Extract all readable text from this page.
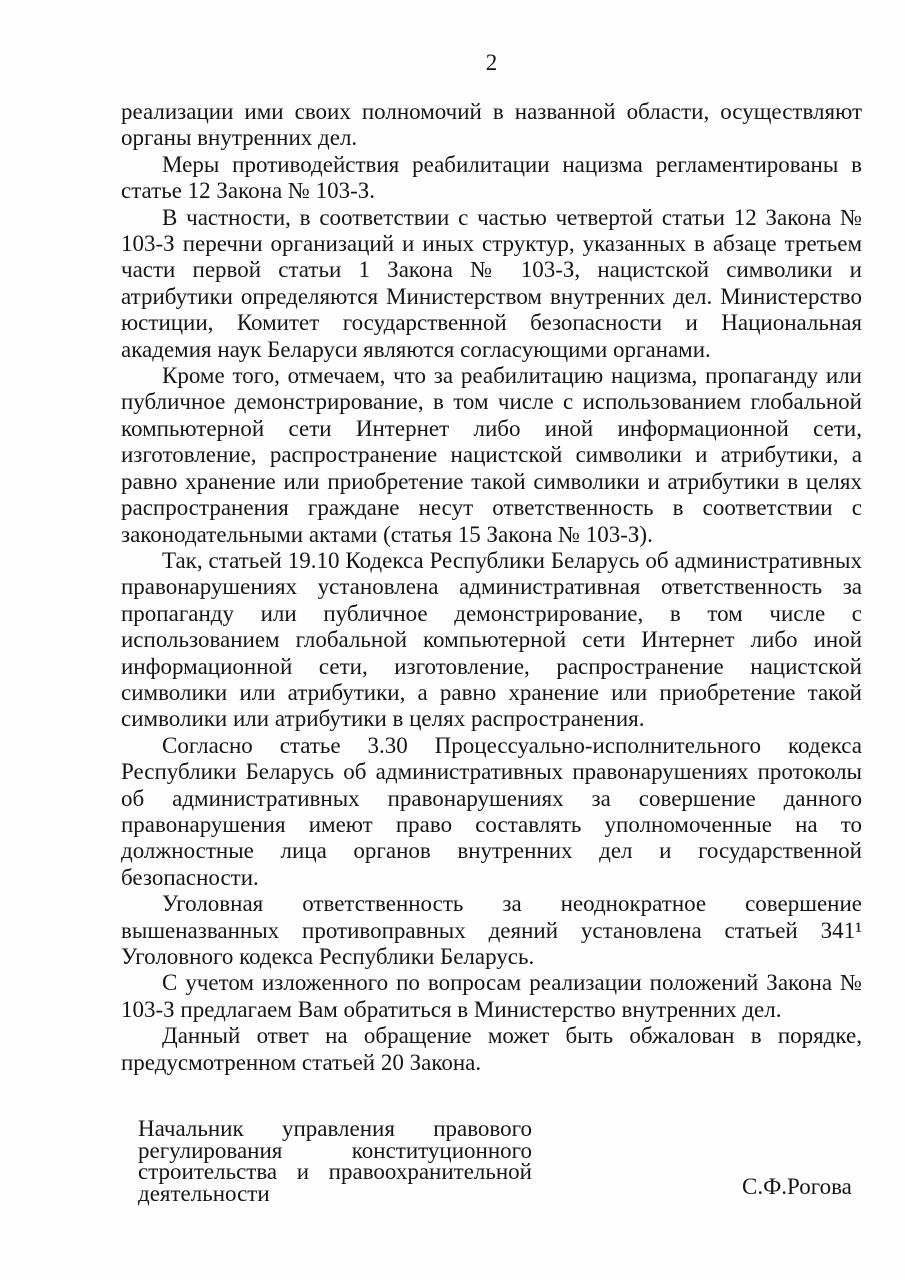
2

реализации ими своих полномочий в названной области, осуществляют органы внутренних дел.

Меры противодействия реабилитации нацизма регламентированы в статье 12 Закона № 103-З.

В частности, в соответствии с частью четвертой статьи 12 Закона № 103-З перечни организаций и иных структур, указанных в абзаце третьем части первой статьи 1 Закона № 103-З, нацистской символики и атрибутики определяются Министерством внутренних дел. Министерство юстиции, Комитет государственной безопасности и Национальная академия наук Беларуси являются согласующими органами.

Кроме того, отмечаем, что за реабилитацию нацизма, пропаганду или публичное демонстрирование, в том числе с использованием глобальной компьютерной сети Интернет либо иной информационной сети, изготовление, распространение нацистской символики и атрибутики, а равно хранение или приобретение такой символики и атрибутики в целях распространения граждане несут ответственность в соответствии с законодательными актами (статья 15 Закона № 103-З).

Так, статьей 19.10 Кодекса Республики Беларусь об административных правонарушениях установлена административная ответственность за пропаганду или публичное демонстрирование, в том числе с использованием глобальной компьютерной сети Интернет либо иной информационной сети, изготовление, распространение нацистской символики или атрибутики, а равно хранение или приобретение такой символики или атрибутики в целях распространения.

Согласно статье 3.30 Процессуально-исполнительного кодекса Республики Беларусь об административных правонарушениях протоколы об административных правонарушениях за совершение данного правонарушения имеют право составлять уполномоченные на то должностные лица органов внутренних дел и государственной безопасности.

Уголовная ответственность за неоднократное совершение вышеназванных противоправных деяний установлена статьей 341¹ Уголовного кодекса Республики Беларусь.

С учетом изложенного по вопросам реализации положений Закона № 103-З предлагаем Вам обратиться в Министерство внутренних дел.

Данный ответ на обращение может быть обжалован в порядке, предусмотренном статьей 20 Закона.

Начальник управления правового регулирования конституционного строительства и правоохранительной деятельности	С.Ф.Рогова
